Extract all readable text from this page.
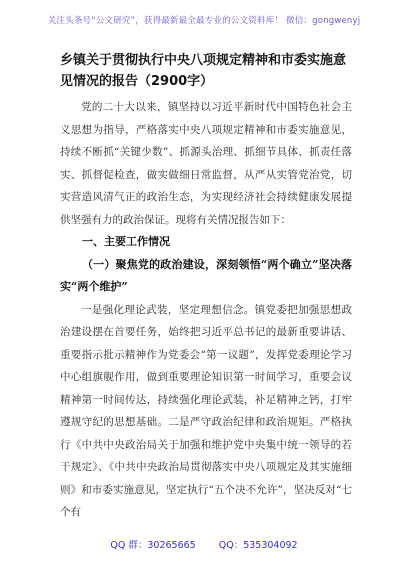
关注头条号“公文研究”，获得最新最全最专业的公文资料库！ 微信：gongwenyj
乡镇关于贯彻执行中央八项规定精神和市委实施意见情况的报告（2900字）

党的二十大以来，镇坚持以习近平新时代中国特色社会主义思想为指导，严格落实中央八项规定精神和市委实施意见，持续不断抓“关键少数”、抓源头治理、抓细节具体、抓责任落实、抓督促检查，做实做细日常监督，从严从实管党治党，切实营造风清气正的政治生态，为实现经济社会持续健康发展提供坚强有力的政治保证。现将有关情况报告如下：

一、主要工作情况

（一）聚焦党的政治建设，深刻领悟“两个确立”坚决落实“两个维护”

一是强化理论武装，坚定理想信念。镇党委把加强思想政治建设摆在首要任务，始终把习近平总书记的最新重要讲话、重要指示批示精神作为党委会“第一议题”，发挥党委理论学习中心组旗舰作用，做到重要理论知识第一时间学习，重要会议精神第一时间传达，持续强化理论武装，补足精神之钙，打牢遵规守纪的思想基础。二是严守政治纪律和政治规矩。严格执行《中共中央政治局关于加强和维护党中央集中统一领导的若干规定》、《中共中央政治局贯彻落实中央八项规定及其实施细则》和市委实施意见，坚定执行“五个决不允许”，坚决反对“七个有

QQ 群：30265665 QQ：535304092
